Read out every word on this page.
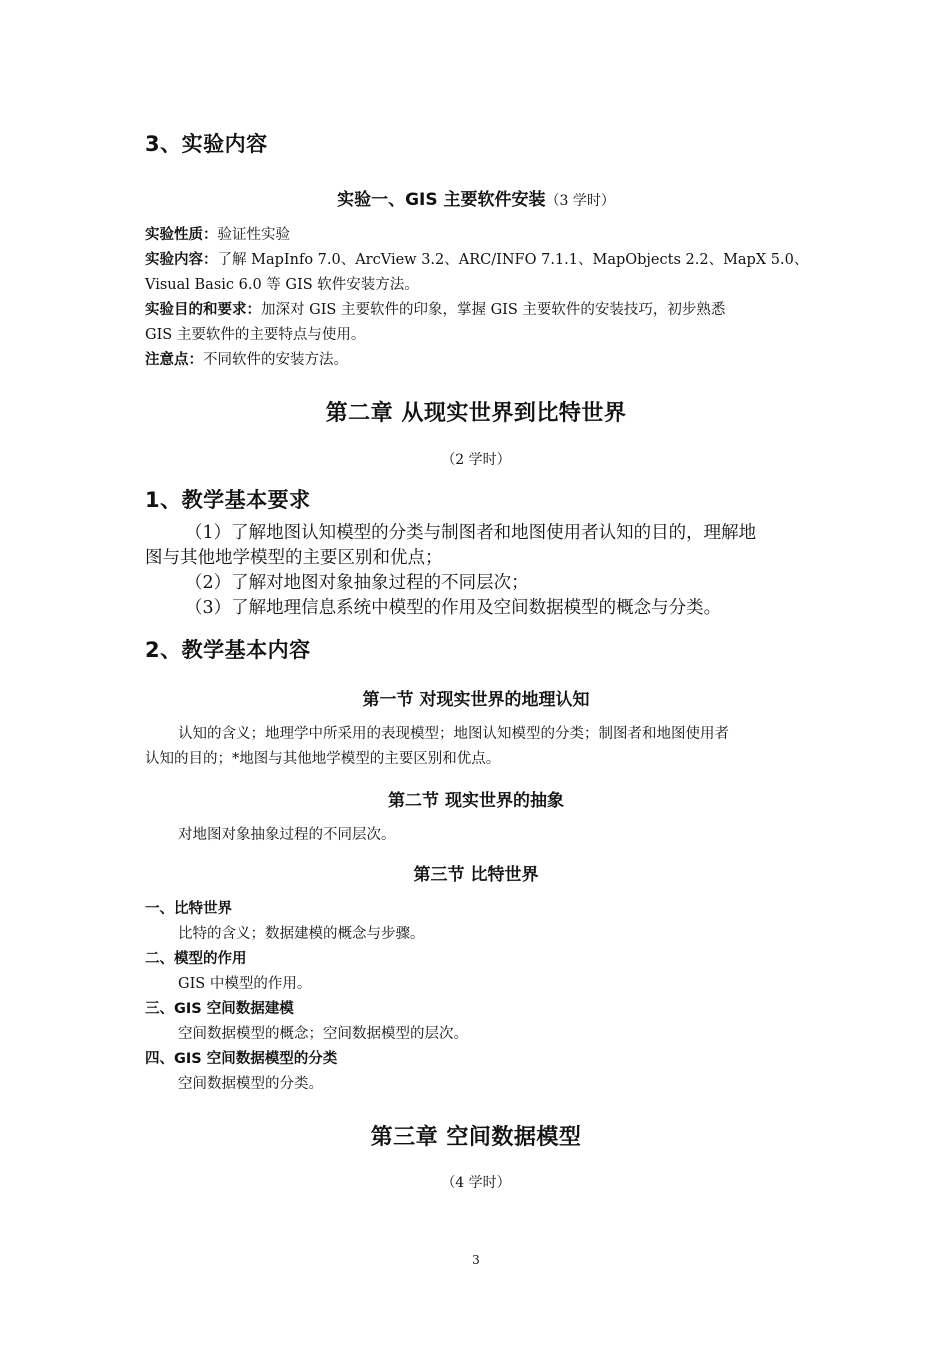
3、实验内容
实验一、GIS 主要软件安装（3 学时）
实验性质：验证性实验
实验内容：了解 MapInfo 7.0、ArcView 3.2、ARC/INFO 7.1.1、MapObjects 2.2、MapX 5.0、
Visual Basic 6.0 等 GIS 软件安装方法。
实验目的和要求：加深对 GIS 主要软件的印象，掌握 GIS 主要软件的安装技巧，初步熟悉
GIS 主要软件的主要特点与使用。
注意点：不同软件的安装方法。
第二章 从现实世界到比特世界
（2 学时）
1、教学基本要求
（1）了解地图认知模型的分类与制图者和地图使用者认知的目的，理解地
图与其他地学模型的主要区别和优点；
（2）了解对地图对象抽象过程的不同层次；
（3）了解地理信息系统中模型的作用及空间数据模型的概念与分类。
2、教学基本内容
第一节 对现实世界的地理认知
认知的含义；地理学中所采用的表现模型；地图认知模型的分类；制图者和地图使用者
认知的目的；*地图与其他地学模型的主要区别和优点。
第二节 现实世界的抽象
对地图对象抽象过程的不同层次。
第三节 比特世界
一、比特世界
比特的含义；数据建模的概念与步骤。
二、模型的作用
GIS 中模型的作用。
三、GIS 空间数据建模
空间数据模型的概念；空间数据模型的层次。
四、GIS 空间数据模型的分类
空间数据模型的分类。
第三章 空间数据模型
（4 学时）
3
